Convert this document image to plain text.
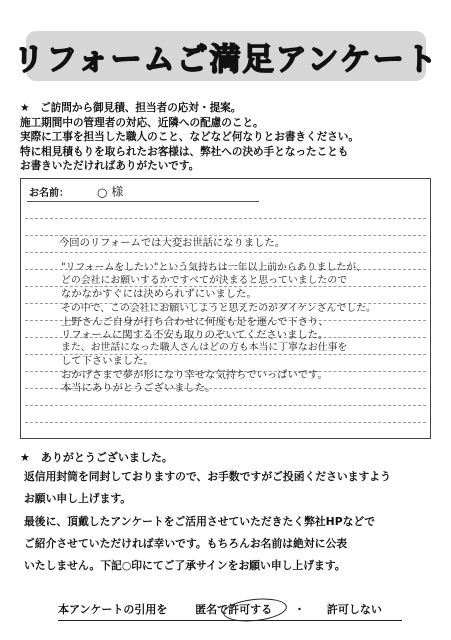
リフォームご満足アンケート
★　ご訪問から御見積、担当者の応対・提案。
施工期間中の管理者の対応、近隣への配慮のこと。
実際に工事を担当した職人のこと、などなど何なりとお書きください。
特に相見積もりを取られたお客様は、弊社への決め手となったことも
お書きいただければありがたいです。
お名前： ○ 様
今回のリフォームでは大変お世話になりました。
"リフォームをしたい"という気持ちは一年以上前からありましたが、
どの会社にお願いするかですべてが決まると思っていましたので
なかなかすぐには決められずにいました。
その中で、この会社にお願いしようと思えたのがダイケンさんでした。
上野さんご自身が打ち合わせに何度も足を運んで下さり、
リフォームに関する不安も取りのぞいてくださいました。
また、お世話になった職人さんはどの方も本当に丁寧なお仕事を
して下さいました。
おかげさまで夢が形になり幸せな気持ちでいっぱいです。
本当にありがとうございました。
★　ありがとうございました。
返信用封筒を同封しておりますので、お手数ですがご投函くださいますよう
お願い申し上げます。
最後に、頂戴したアンケートをご活用させていただきたく弊社HPなどで
ご紹介させていただければ幸いです。もちろんお名前は絶対に公表
いたしません。下記○印にてご了承サインをお願い申し上げます。
本アンケートの引用を	匿名で許可する ・ 許可しない
